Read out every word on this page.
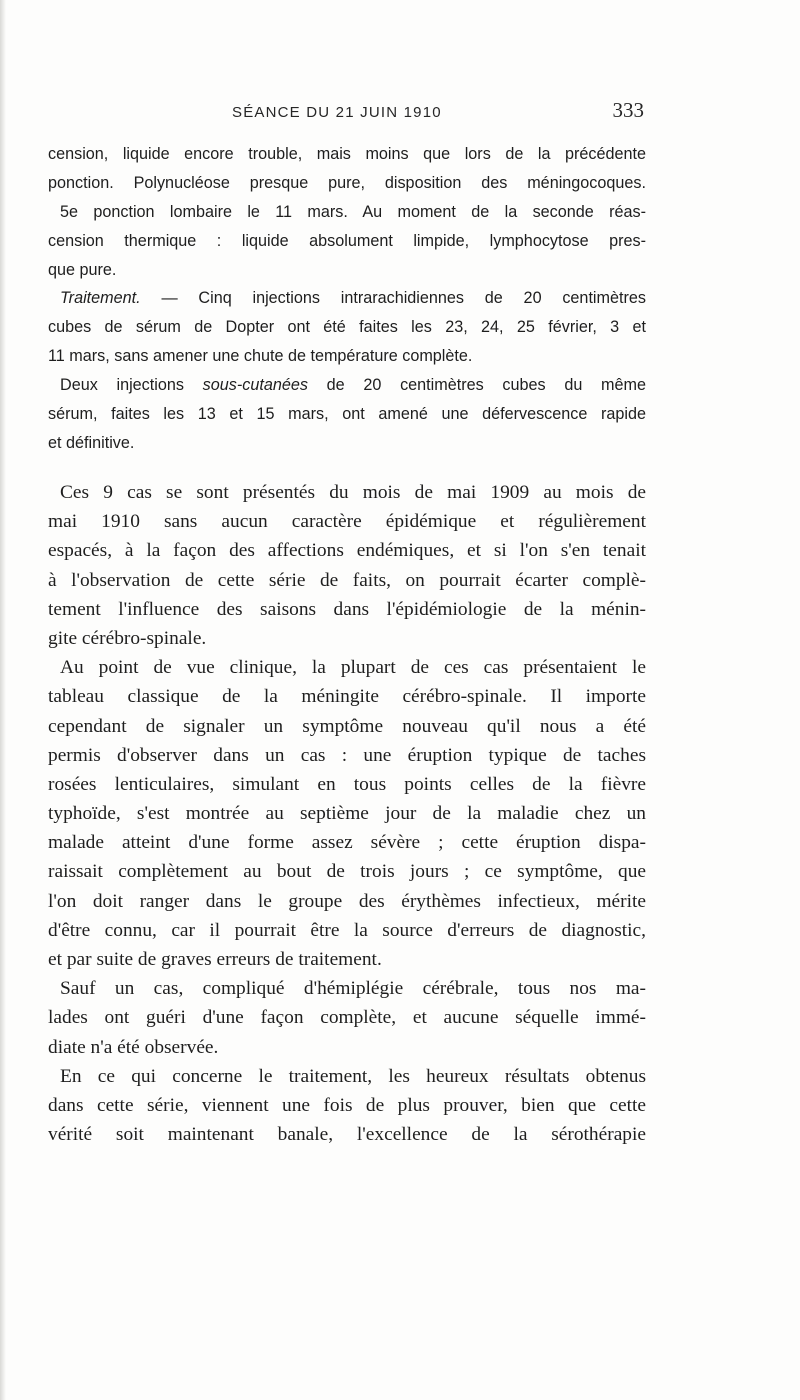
SÉANCE DU 21 JUIN 1910	333
cension, liquide encore trouble, mais moins que lors de la précédente
ponction. Polynucléose presque pure, disposition des méningocoques.
5e ponction lombaire le 11 mars. Au moment de la seconde réas-
cension thermique : liquide absolument limpide, lymphocytose pres-
que pure.
Traitement. — Cinq injections intrarachidiennes de 20 centimètres
cubes de sérum de Dopter ont été faites les 23, 24, 25 février, 3 et
11 mars, sans amener une chute de température complète.
Deux injections sous-cutanées de 20 centimètres cubes du même
sérum, faites les 13 et 15 mars, ont amené une défervescence rapide
et définitive.
Ces 9 cas se sont présentés du mois de mai 1909 au mois de
mai 1910 sans aucun caractère épidémique et régulièrement
espacés, à la façon des affections endémiques, et si l'on s'en tenait
à l'observation de cette série de faits, on pourrait écarter complè-
tement l'influence des saisons dans l'épidémiologie de la ménin-
gite cérébro-spinale.
Au point de vue clinique, la plupart de ces cas présentaient le
tableau classique de la méningite cérébro-spinale. Il importe
cependant de signaler un symptôme nouveau qu'il nous a été
permis d'observer dans un cas : une éruption typique de taches
rosées lenticulaires, simulant en tous points celles de la fièvre
typhoïde, s'est montrée au septième jour de la maladie chez un
malade atteint d'une forme assez sévère ; cette éruption dispa-
raissait complètement au bout de trois jours ; ce symptôme, que
l'on doit ranger dans le groupe des érythèmes infectieux, mérite
d'être connu, car il pourrait être la source d'erreurs de diagnostic,
et par suite de graves erreurs de traitement.
Sauf un cas, compliqué d'hémiplégie cérébrale, tous nos ma-
lades ont guéri d'une façon complète, et aucune séquelle immé-
diate n'a été observée.
En ce qui concerne le traitement, les heureux résultats obtenus
dans cette série, viennent une fois de plus prouver, bien que cette
vérité soit maintenant banale, l'excellence de la sérothérapie
